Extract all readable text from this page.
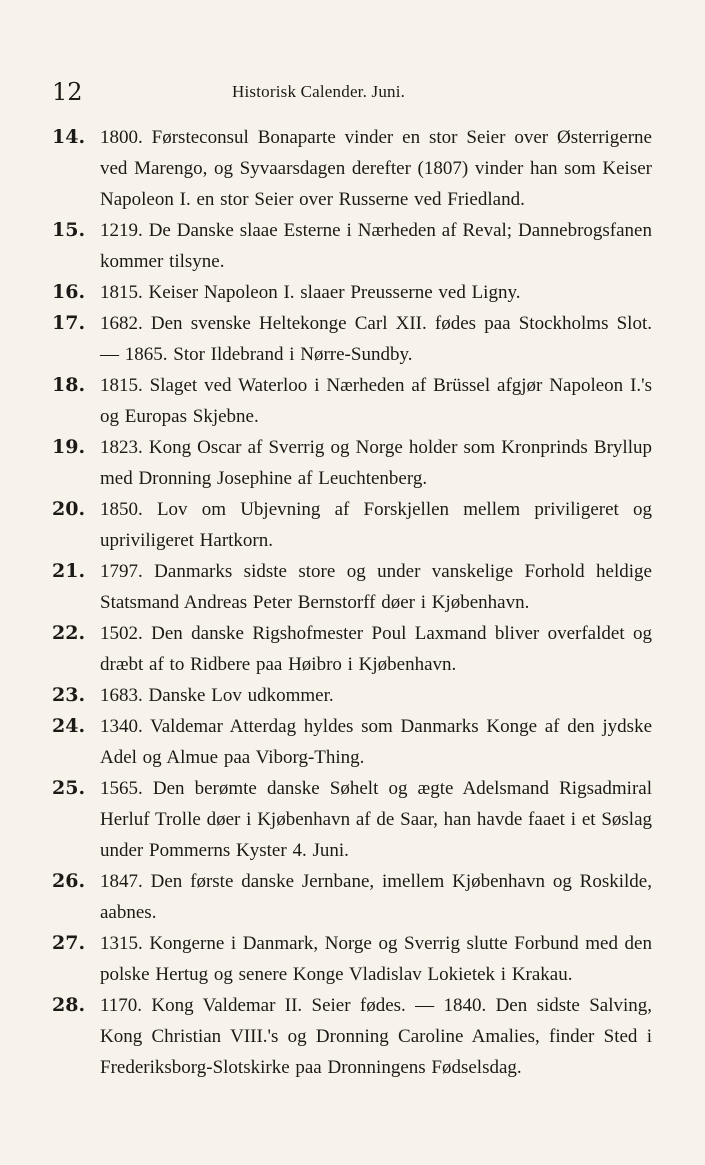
12	Historisk Calender. Juni.
14. 1800. Førsteconsul Bonaparte vinder en stor Seier over Østerrigerne ved Marengo, og Syvaarsdagen derefter (1807) vinder han som Keiser Napoleon I. en stor Seier over Russerne ved Friedland.
15. 1219. De Danske slaae Esterne i Nærheden af Reval; Dannebrogsfanen kommer tilsyne.
16. 1815. Keiser Napoleon I. slaaer Preusserne ved Ligny.
17. 1682. Den svenske Heltekonge Carl XII. fødes paa Stockholms Slot. — 1865. Stor Ildebrand i Nørre-Sundby.
18. 1815. Slaget ved Waterloo i Nærheden af Brüssel afgjør Napoleon I.'s og Europas Skjebne.
19. 1823. Kong Oscar af Sverrig og Norge holder som Kronprinds Bryllup med Dronning Josephine af Leuchtenberg.
20. 1850. Lov om Ubjevning af Forskjellen mellem priviligeret og upriviligeret Hartkorn.
21. 1797. Danmarks sidste store og under vanskelige Forhold heldige Statsmand Andreas Peter Bernstorff døer i Kjøbenhavn.
22. 1502. Den danske Rigshofmester Poul Laxmand bliver overfaldet og dræbt af to Ridbere paa Høibro i Kjøbenhavn.
23. 1683. Danske Lov udkommer.
24. 1340. Valdemar Atterdag hyldes som Danmarks Konge af den jydske Adel og Almue paa Viborg-Thing.
25. 1565. Den berømte danske Søhelt og ægte Adelsmand Rigsadmiral Herluf Trolle døer i Kjøbenhavn af de Saar, han havde faaet i et Søslag under Pommerns Kyster 4. Juni.
26. 1847. Den første danske Jernbane, imellem Kjøbenhavn og Roskilde, aabnes.
27. 1315. Kongerne i Danmark, Norge og Sverrig slutte Forbund med den polske Hertug og senere Konge Vladislav Lokietek i Krakau.
28. 1170. Kong Valdemar II. Seier fødes. — 1840. Den sidste Salving, Kong Christian VIII.'s og Dronning Caroline Amalies, finder Sted i Frederiksborg-Slotskirke paa Dronningens Fødselsdag.
